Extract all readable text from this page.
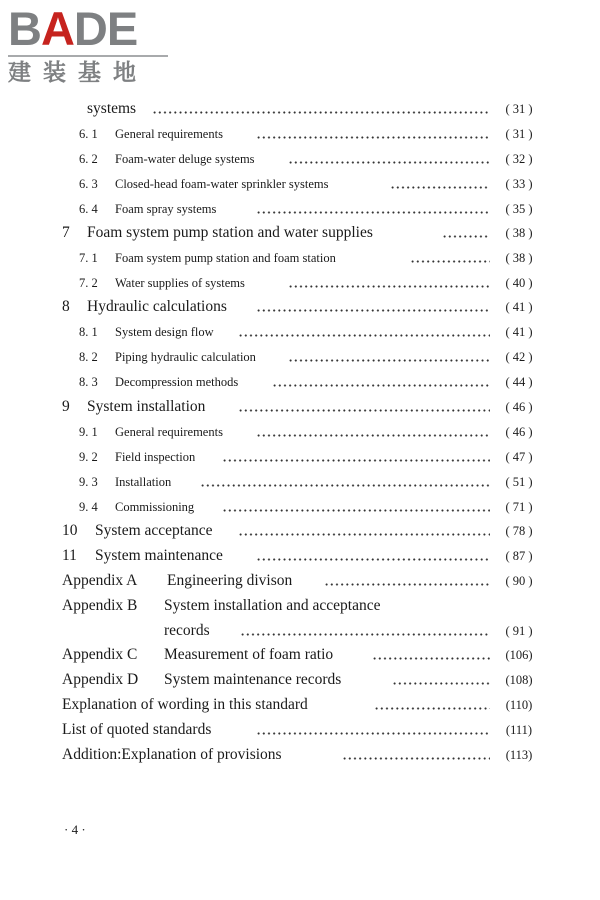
BADE
建装基地
systems	( 31 )
6. 1 General requirements	( 31 )
6. 2 Foam-water deluge systems	( 32 )
6. 3 Closed-head foam-water sprinkler systems	( 33 )
6. 4 Foam spray systems	( 35 )
7 Foam system pump station and water supplies	( 38 )
7. 1 Foam system pump station and foam station	( 38 )
7. 2 Water supplies of systems	( 40 )
8 Hydraulic calculations	( 41 )
8. 1 System design flow	( 41 )
8. 2 Piping hydraulic calculation	( 42 )
8. 3 Decompression methods	( 44 )
9 System installation	( 46 )
9. 1 General requirements	( 46 )
9. 2 Field inspection	( 47 )
9. 3 Installation	( 51 )
9. 4 Commissioning	( 71 )
10 System acceptance	( 78 )
11 System maintenance	( 87 )
Appendix A Engineering divison	( 90 )
Appendix B System installation and acceptance
records	( 91 )
Appendix C Measurement of foam ratio	(106)
Appendix D System maintenance records	(108)
Explanation of wording in this standard	(110)
List of quoted standards	(111)
Addition:Explanation of provisions	(113)
· 4 ·
